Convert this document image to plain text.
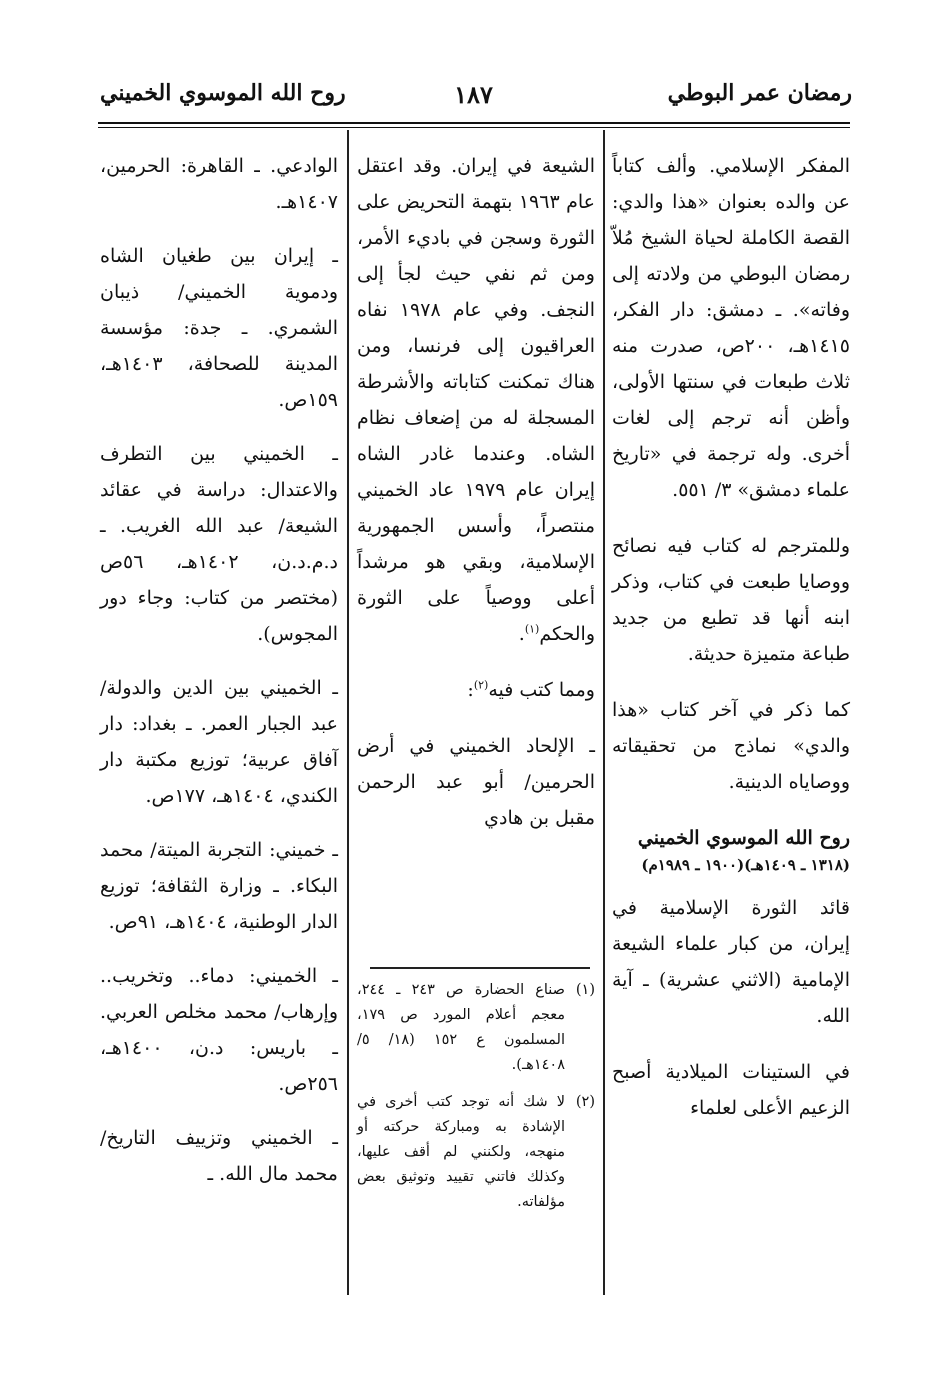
١٨٧	رمضان عمر البوطي
روح الله الموسوي الخميني

المفكر الإسلامي. وألف كتاباً عن والده بعنوان «هذا والدي: القصة الكاملة لحياة الشيخ مُلاّ رمضان البوطي من ولادته إلى وفاته». ـ دمشق: دار الفكر، ١٤١٥هـ، ٢٠٠ص، صدرت منه ثلاث طبعات في سنتها الأولى، وأظن أنه ترجم إلى لغات أخرى. وله ترجمة في «تاريخ علماء دمشق» ٣/ ٥٥١.

وللمترجم له كتاب فيه نصائح ووصايا طبعت في كتاب، وذكر ابنه أنها قد تطبع من جديد طباعة متميزة حديثة.

كما ذكر في آخر كتاب «هذا والدي» نماذج من تحقيقاته ووصاياه الدينية.

روح الله الموسوي الخميني
(١٣١٨ ـ ١٤٠٩هـ)(١٩٠٠ ـ ١٩٨٩م)

قائد الثورة الإسلامية في إيران، من كبار علماء الشيعة الإمامية (الاثني عشرية) ـ آية الله.

في الستينات الميلادية أصبح الزعيم الأعلى لعلماء

الشيعة في إيران. وقد اعتقل عام ١٩٦٣ بتهمة التحريض على الثورة وسجن في باديء الأمر، ومن ثم نفي حيث لجأ إلى النجف. وفي عام ١٩٧٨ نفاه العراقيون إلى فرنسا، ومن هناك تمكنت كتاباته والأشرطة المسجلة له من إضعاف نظام الشاه. وعندما غادر الشاه إيران عام ١٩٧٩ عاد الخميني منتصراً، وأسس الجمهورية الإسلامية، وبقي هو مرشداً أعلى ووصياً على الثورة والحكم$^{(١)}$.

ومما كتب فيه$^{(٢)}$:

ـ الإلحاد الخميني في أرض الحرمين/ أبو عبد الرحمن مقبل بن هادي

(١)
صناع الحضارة ص ٢٤٣ ـ ٢٤٤، معجم أعلام المورد ص ١٧٩، المسلمون ع ١٥٢ (١٨/ ٥/ ١٤٠٨هـ).
(٢)
لا شك أنه توجد كتب أخرى في الإشادة به ومباركة حركته أو منهجه، ولكنني لم أقف عليها، وكذلك فاتني تقييد وتوثيق بعض مؤلفاته.

الوادعي. ـ القاهرة: الحرمين، ١٤٠٧هـ.

ـ إيران بين طغيان الشاه ودموية الخميني/ ذيبان الشمري. ـ جدة: مؤسسة المدينة للصحافة، ١٤٠٣هـ، ١٥٩ص.

ـ الخميني بين التطرف والاعتدال: دراسة في عقائد الشيعة/ عبد الله الغريب. ـ د.م.د.ن، ١٤٠٢هـ، ٥٦ص (مختصر من كتاب: وجاء دور المجوس).

ـ الخميني بين الدين والدولة/ عبد الجبار العمر. ـ بغداد: دار آفاق عربية؛ توزيع مكتبة دار الكندي، ١٤٠٤هـ، ١٧٧ص.

ـ خميني: التجربة الميتة/ محمد البكاء. ـ وزارة الثقافة؛ توزيع الدار الوطنية، ١٤٠٤هـ، ٩١ص.

ـ الخميني: دماء.. وتخريب.. وإرهاب/ محمد مخلص العربي. ـ باريس: د.ن، ١٤٠٠هـ، ٢٥٦ص.

ـ الخميني وتزييف التاريخ/ محمد مال الله. ـ
